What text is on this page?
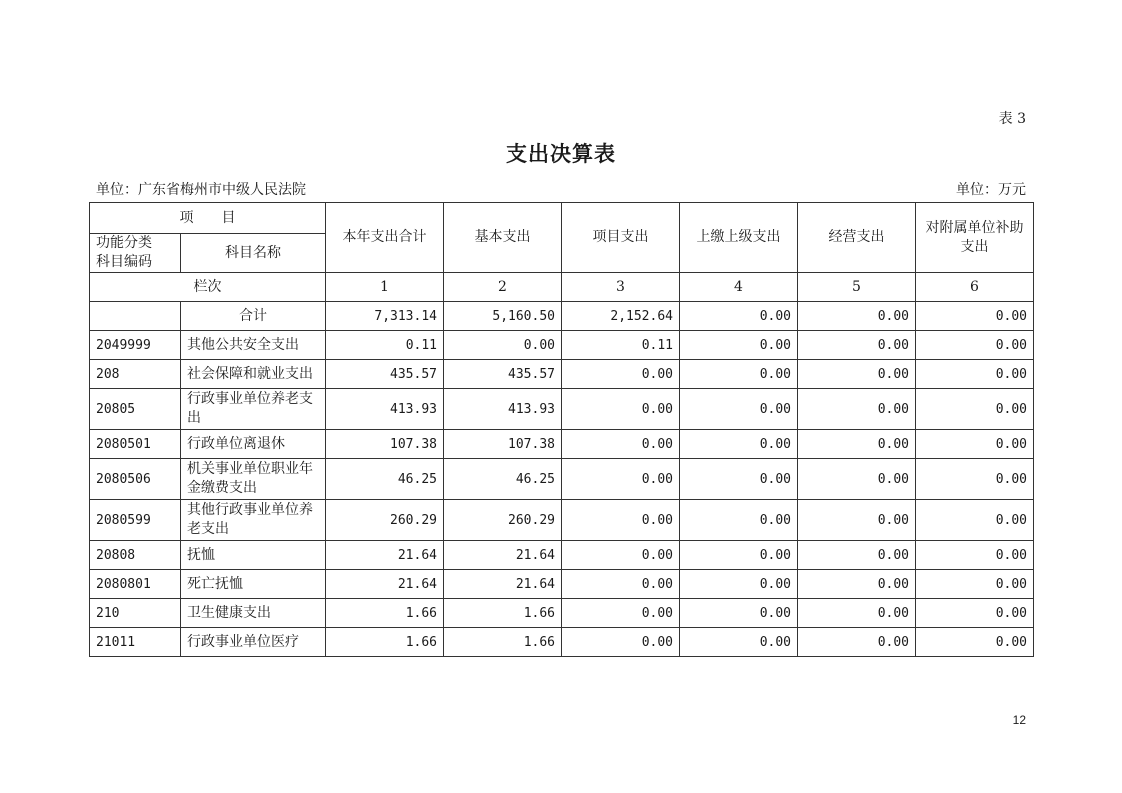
表 3
支出决算表
单位：广东省梅州市中级人民法院	单位：万元
项　　目		本年支出合计	基本支出	项目支出	上缴上级支出	经营支出	对附属单位补助支出
功能分类
科目编码	科目名称						
栏次		1	2	3	4	5	6
	合计	7,313.14	5,160.50	2,152.64	0.00	0.00	0.00
2049999	其他公共安全支出	0.11	0.00	0.11	0.00	0.00	0.00
208	社会保障和就业支出	435.57	435.57	0.00	0.00	0.00	0.00
20805	行政事业单位养老支出	413.93	413.93	0.00	0.00	0.00	0.00
2080501	行政单位离退休	107.38	107.38	0.00	0.00	0.00	0.00
2080506	机关事业单位职业年金缴费支出	46.25	46.25	0.00	0.00	0.00	0.00
2080599	其他行政事业单位养老支出	260.29	260.29	0.00	0.00	0.00	0.00
20808	抚恤	21.64	21.64	0.00	0.00	0.00	0.00
2080801	死亡抚恤	21.64	21.64	0.00	0.00	0.00	0.00
210	卫生健康支出	1.66	1.66	0.00	0.00	0.00	0.00
21011	行政事业单位医疗	1.66	1.66	0.00	0.00	0.00	0.00
12
